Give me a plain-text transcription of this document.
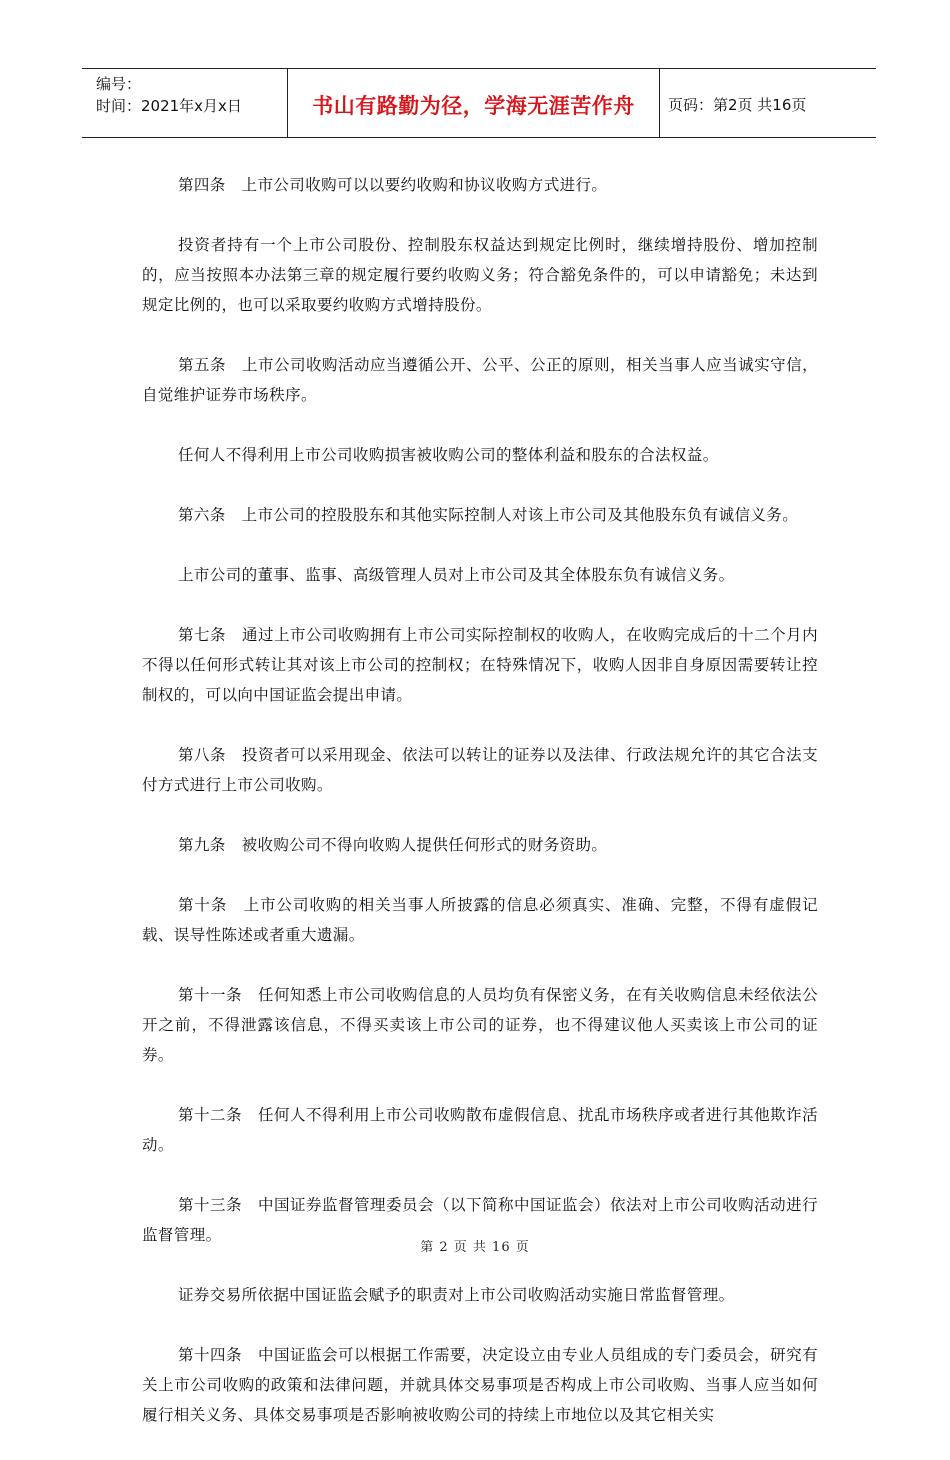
编号：
时间：2021年x月x日	书山有路勤为径，学海无涯苦作舟	页码：第2页 共16页

第四条　上市公司收购可以以要约收购和协议收购方式进行。

投资者持有一个上市公司股份、控制股东权益达到规定比例时，继续增持股份、增加控制的，应当按照本办法第三章的规定履行要约收购义务；符合豁免条件的，可以申请豁免；未达到规定比例的，也可以采取要约收购方式增持股份。

第五条　上市公司收购活动应当遵循公开、公平、公正的原则，相关当事人应当诚实守信，自觉维护证券市场秩序。

任何人不得利用上市公司收购损害被收购公司的整体利益和股东的合法权益。

第六条　上市公司的控股股东和其他实际控制人对该上市公司及其他股东负有诚信义务。

上市公司的董事、监事、高级管理人员对上市公司及其全体股东负有诚信义务。

第七条　通过上市公司收购拥有上市公司实际控制权的收购人，在收购完成后的十二个月内不得以任何形式转让其对该上市公司的控制权；在特殊情况下，收购人因非自身原因需要转让控制权的，可以向中国证监会提出申请。

第八条　投资者可以采用现金、依法可以转让的证券以及法律、行政法规允许的其它合法支付方式进行上市公司收购。

第九条　被收购公司不得向收购人提供任何形式的财务资助。

第十条　上市公司收购的相关当事人所披露的信息必须真实、准确、完整，不得有虚假记载、误导性陈述或者重大遗漏。

第十一条　任何知悉上市公司收购信息的人员均负有保密义务，在有关收购信息未经依法公开之前，不得泄露该信息，不得买卖该上市公司的证券，也不得建议他人买卖该上市公司的证券。

第十二条　任何人不得利用上市公司收购散布虚假信息、扰乱市场秩序或者进行其他欺诈活动。

第十三条　中国证券监督管理委员会（以下简称中国证监会）依法对上市公司收购活动进行监督管理。

证券交易所依据中国证监会赋予的职责对上市公司收购活动实施日常监督管理。

第十四条　中国证监会可以根据工作需要，决定设立由专业人员组成的专门委员会，研究有关上市公司收购的政策和法律问题，并就具体交易事项是否构成上市公司收购、当事人应当如何履行相关义务、具体交易事项是否影响被收购公司的持续上市地位以及其它相关实

第 2 页 共 16 页
